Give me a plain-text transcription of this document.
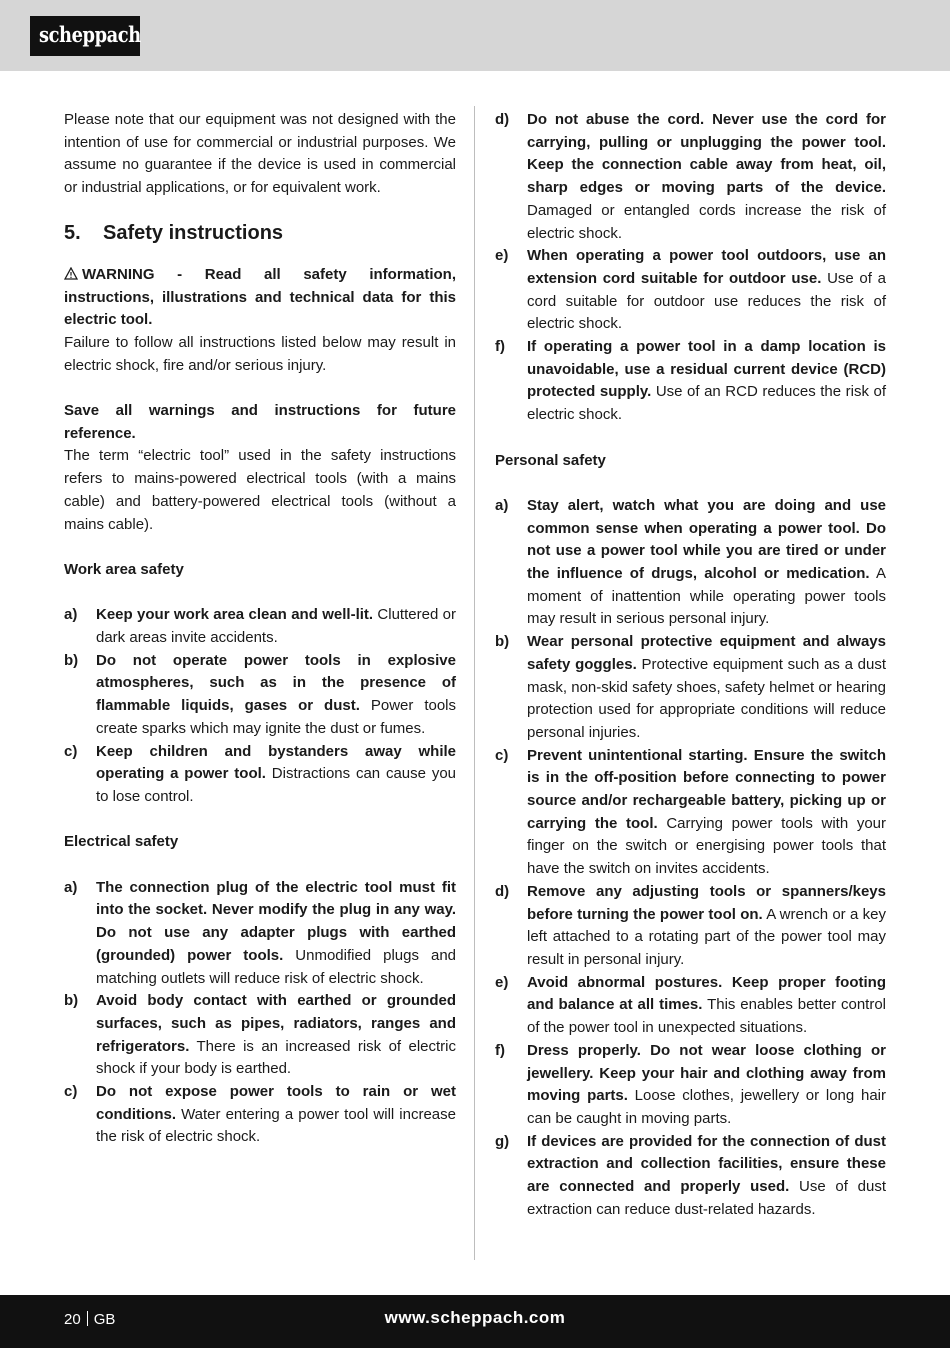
scheppach

Please note that our equipment was not designed with the intention of use for commercial or industrial purposes. We assume no guarantee if the device is used in commercial or industrial applications, or for equivalent work.

5.	Safety instructions

WARNING - Read all safety information, instructions, illustrations and technical data for this electric tool.

Failure to follow all instructions listed below may result in electric shock, fire and/or serious injury.

Save all warnings and instructions for future reference.

The term “electric tool” used in the safety instructions refers to mains-powered electrical tools (with a mains cable) and battery-powered electrical tools (without a mains cable).

Work area safety

a)	Keep your work area clean and well-lit. Cluttered or dark areas invite accidents.
b)	Do not operate power tools in explosive atmospheres, such as in the presence of flammable liquids, gases or dust. Power tools create sparks which may ignite the dust or fumes.
c)	Keep children and bystanders away while operating a power tool. Distractions can cause you to lose control.

Electrical safety

a)	The connection plug of the electric tool must fit into the socket. Never modify the plug in any way. Do not use any adapter plugs with earthed (grounded) power tools. Unmodified plugs and matching outlets will reduce risk of electric shock.
b)	Avoid body contact with earthed or grounded surfaces, such as pipes, radiators, ranges and refrigerators. There is an increased risk of electric shock if your body is earthed.
c)	Do not expose power tools to rain or wet conditions. Water entering a power tool will increase the risk of electric shock.
d)	Do not abuse the cord. Never use the cord for carrying, pulling or unplugging the power tool. Keep the connection cable away from heat, oil, sharp edges or moving parts of the device. Damaged or entangled cords increase the risk of electric shock.
e)	When operating a power tool outdoors, use an extension cord suitable for outdoor use. Use of a cord suitable for outdoor use reduces the risk of electric shock.
f)	If operating a power tool in a damp location is unavoidable, use a residual current device (RCD) protected supply. Use of an RCD reduces the risk of electric shock.

Personal safety

a)	Stay alert, watch what you are doing and use common sense when operating a power tool. Do not use a power tool while you are tired or under the influence of drugs, alcohol or medication. A moment of inattention while operating power tools may result in serious personal injury.
b)	Wear personal protective equipment and always safety goggles. Protective equipment such as a dust mask, non-skid safety shoes, safety helmet or hearing protection used for appropriate conditions will reduce personal injuries.
c)	Prevent unintentional starting. Ensure the switch is in the off-position before connecting to power source and/or rechargeable battery, picking up or carrying the tool. Carrying power tools with your finger on the switch or energising power tools that have the switch on invites accidents.
d)	Remove any adjusting tools or spanners/keys before turning the power tool on. A wrench or a key left attached to a rotating part of the power tool may result in personal injury.
e)	Avoid abnormal postures. Keep proper footing and balance at all times. This enables better control of the power tool in unexpected situations.
f)	Dress properly. Do not wear loose clothing or jewellery. Keep your hair and clothing away from moving parts. Loose clothes, jewellery or long hair can be caught in moving parts.
g)	If devices are provided for the connection of dust extraction and collection facilities, ensure these are connected and properly used. Use of dust extraction can reduce dust-related hazards.
20 GB	www.scheppach.com
